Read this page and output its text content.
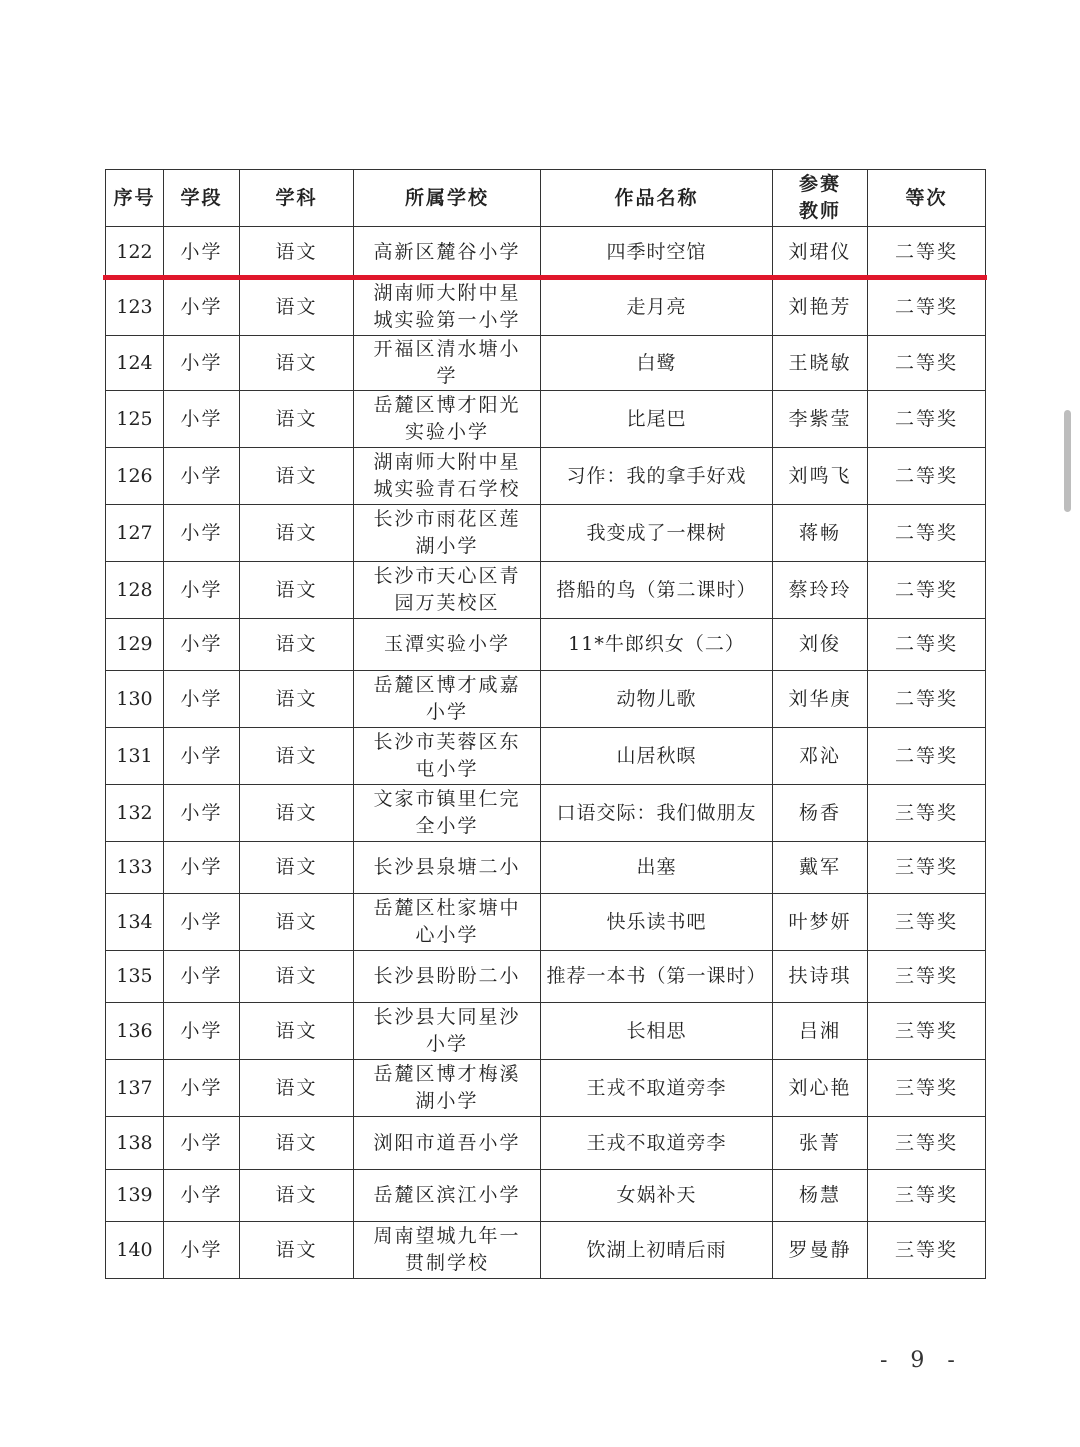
序号	学段	学科	所属学校	作品名称	参赛教师	等次
122	小学	语文	高新区麓谷小学	四季时空馆	刘珺仪	二等奖
123	小学	语文	湖南师大附中星城实验第一小学	走月亮	刘艳芳	二等奖
124	小学	语文	开福区清水塘小学	白鹭	王晓敏	二等奖
125	小学	语文	岳麓区博才阳光实验小学	比尾巴	李紫莹	二等奖
126	小学	语文	湖南师大附中星城实验青石学校	习作：我的拿手好戏	刘鸣飞	二等奖
127	小学	语文	长沙市雨花区莲湖小学	我变成了一棵树	蒋畅	二等奖
128	小学	语文	长沙市天心区青园万芙校区	搭船的鸟（第二课时）	蔡玲玲	二等奖
129	小学	语文	玉潭实验小学	11*牛郎织女（二）	刘俊	二等奖
130	小学	语文	岳麓区博才咸嘉小学	动物儿歌	刘华庚	二等奖
131	小学	语文	长沙市芙蓉区东屯小学	山居秋暝	邓沁	二等奖
132	小学	语文	文家市镇里仁完全小学	口语交际：我们做朋友	杨香	三等奖
133	小学	语文	长沙县泉塘二小	出塞	戴军	三等奖
134	小学	语文	岳麓区杜家塘中心小学	快乐读书吧	叶梦妍	三等奖
135	小学	语文	长沙县盼盼二小	推荐一本书（第一课时）	扶诗琪	三等奖
136	小学	语文	长沙县大同星沙小学	长相思	吕湘	三等奖
137	小学	语文	岳麓区博才梅溪湖小学	王戎不取道旁李	刘心艳	三等奖
138	小学	语文	浏阳市道吾小学	王戎不取道旁李	张菁	三等奖
139	小学	语文	岳麓区滨江小学	女娲补天	杨慧	三等奖
140	小学	语文	周南望城九年一贯制学校	饮湖上初晴后雨	罗曼静	三等奖
- 9 -
